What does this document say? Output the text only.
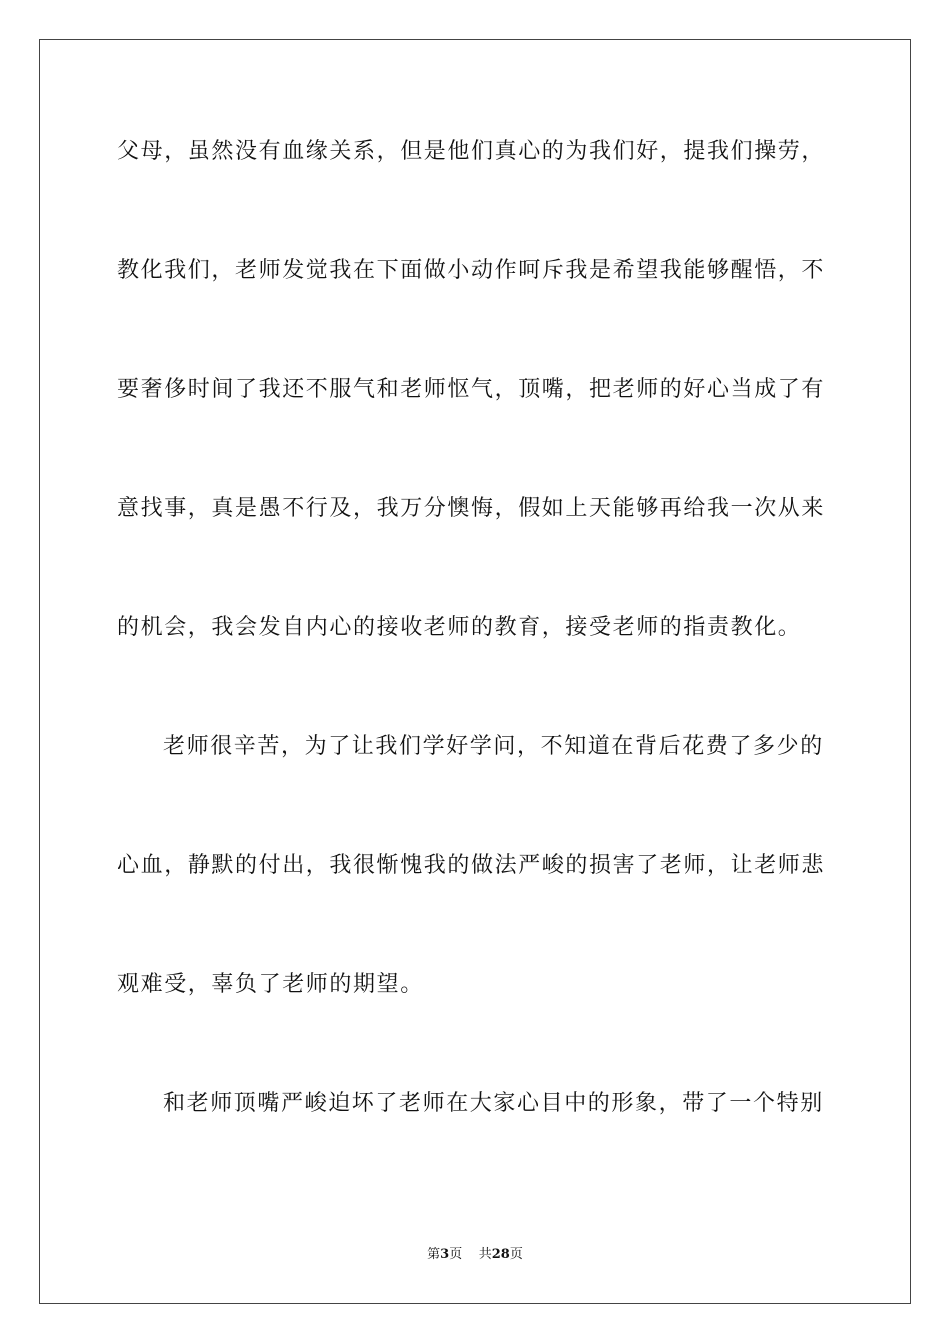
父母，虽然没有血缘关系，但是他们真心的为我们好，提我们操劳，
教化我们，老师发觉我在下面做小动作呵斥我是希望我能够醒悟，不
要奢侈时间了我还不服气和老师怄气，顶嘴，把老师的好心当成了有
意找事，真是愚不行及，我万分懊悔，假如上天能够再给我一次从来
的机会，我会发自内心的接收老师的教育，接受老师的指责教化。
老师很辛苦，为了让我们学好学问，不知道在背后花费了多少的
心血，静默的付出，我很惭愧我的做法严峻的损害了老师，让老师悲
观难受，辜负了老师的期望。
和老师顶嘴严峻迫坏了老师在大家心目中的形象，带了一个特别
第3页 共28页
